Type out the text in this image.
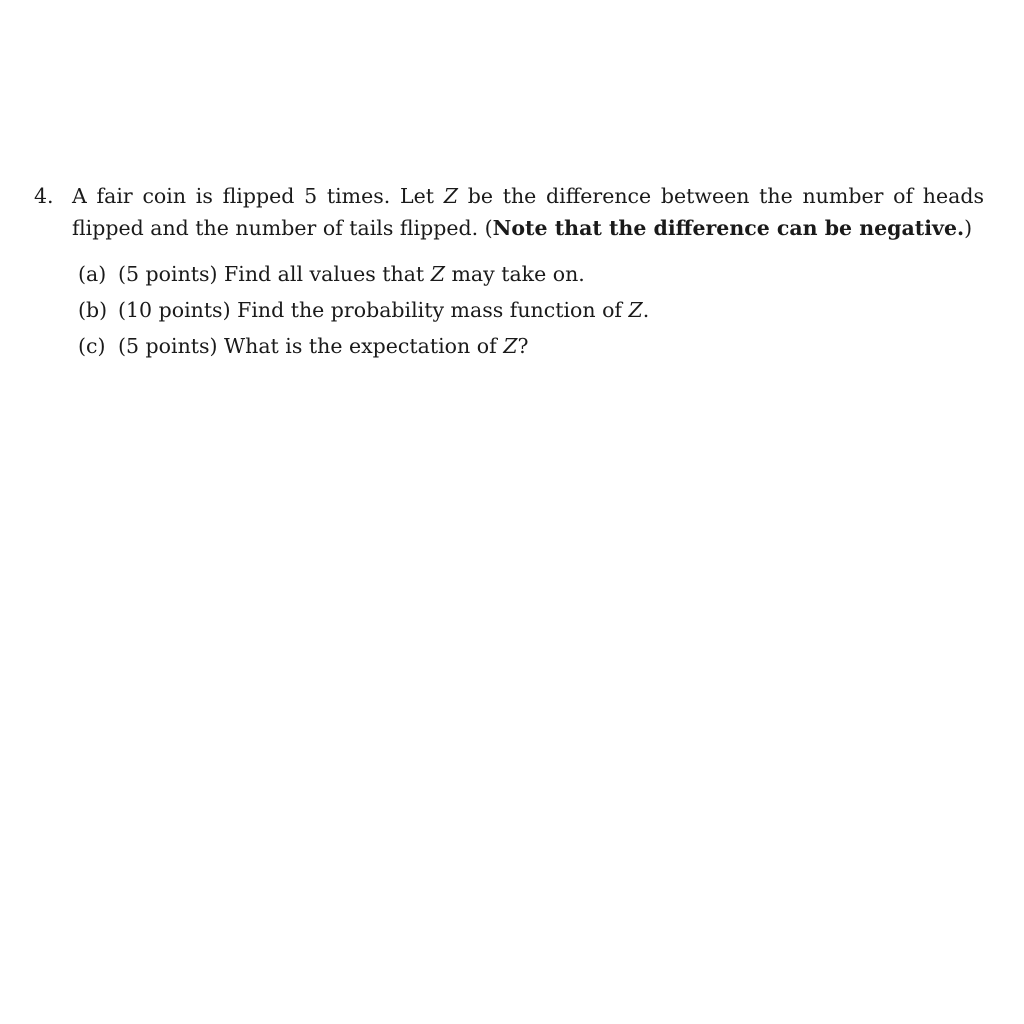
4. A fair coin is flipped 5 times. Let Z be the difference between the number of heads flipped and the number of tails flipped. (Note that the difference can be negative.)
(a) (5 points) Find all values that Z may take on.
(b) (10 points) Find the probability mass function of Z.
(c) (5 points) What is the expectation of Z?
